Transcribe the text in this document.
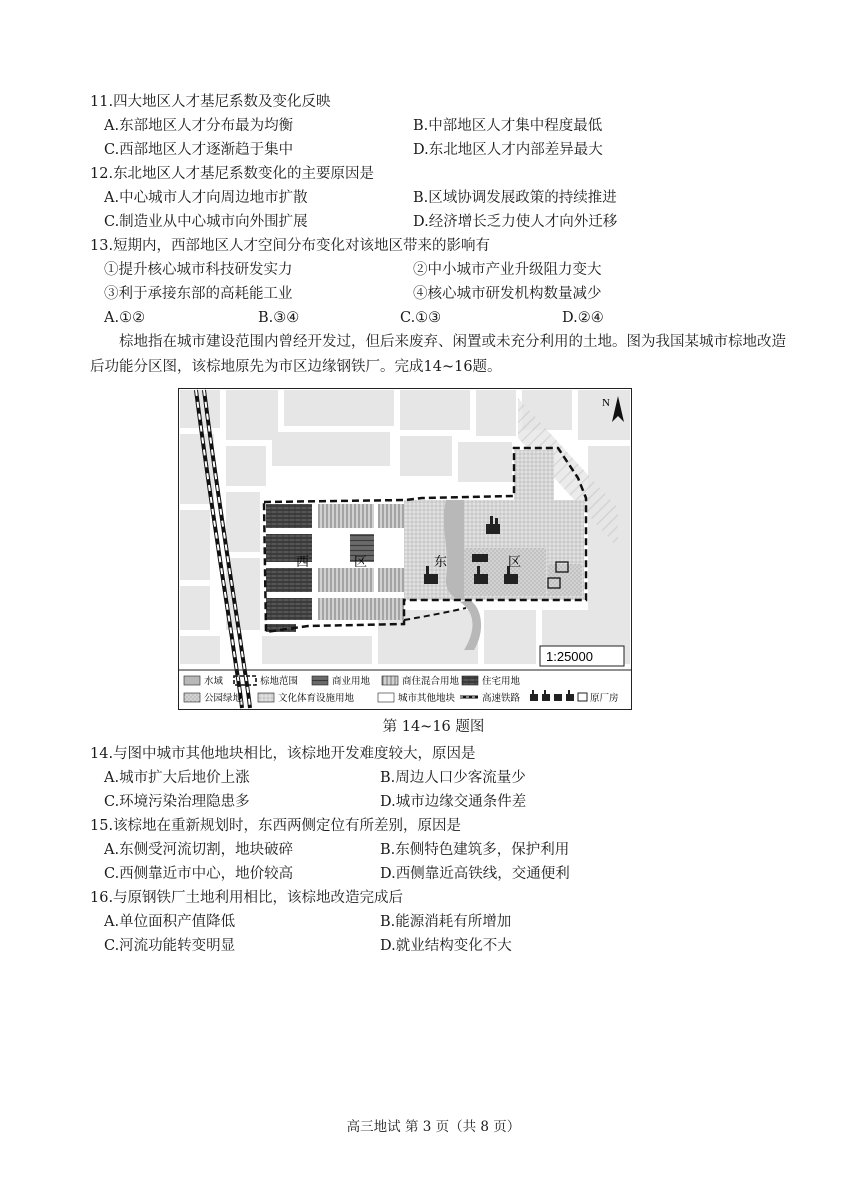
11.四大地区人才基尼系数及变化反映
A.东部地区人才分布最为均衡	B.中部地区人才集中程度最低
C.西部地区人才逐渐趋于集中	D.东北地区人才内部差异最大
12.东北地区人才基尼系数变化的主要原因是
A.中心城市人才向周边地市扩散	B.区域协调发展政策的持续推进
C.制造业从中心城市向外围扩展	D.经济增长乏力使人才向外迁移
13.短期内，西部地区人才空间分布变化对该地区带来的影响有
①提升核心城市科技研发实力	②中小城市产业升级阻力变大
③利于承接东部的高耗能工业	④核心城市研发机构数量减少
A.①②	B.③④	C.①③	D.②④
棕地指在城市建设范围内曾经开发过，但后来废弃、闲置或未充分利用的土地。图为我国某城市棕地改造后功能分区图，该棕地原先为市区边缘钢铁厂。完成14~16题。
N
西	区	东	区
1:25000
水域	棕地范围	商业用地	商住混合用地 住宅用地
公园绿地	文化体育设施用地	城市其他地块	高速铁路	原厂房
第 14~16 题图
14.与图中城市其他地块相比，该棕地开发难度较大，原因是
A.城市扩大后地价上涨	B.周边人口少客流量少
C.环境污染治理隐患多	D.城市边缘交通条件差
15.该棕地在重新规划时，东西两侧定位有所差别，原因是
A.东侧受河流切割，地块破碎	B.东侧特色建筑多，保护利用
C.西侧靠近市中心，地价较高	D.西侧靠近高铁线，交通便利
16.与原钢铁厂土地利用相比，该棕地改造完成后
A.单位面积产值降低	B.能源消耗有所增加
C.河流功能转变明显	D.就业结构变化不大
高三地试 第 3 页（共 8 页）
